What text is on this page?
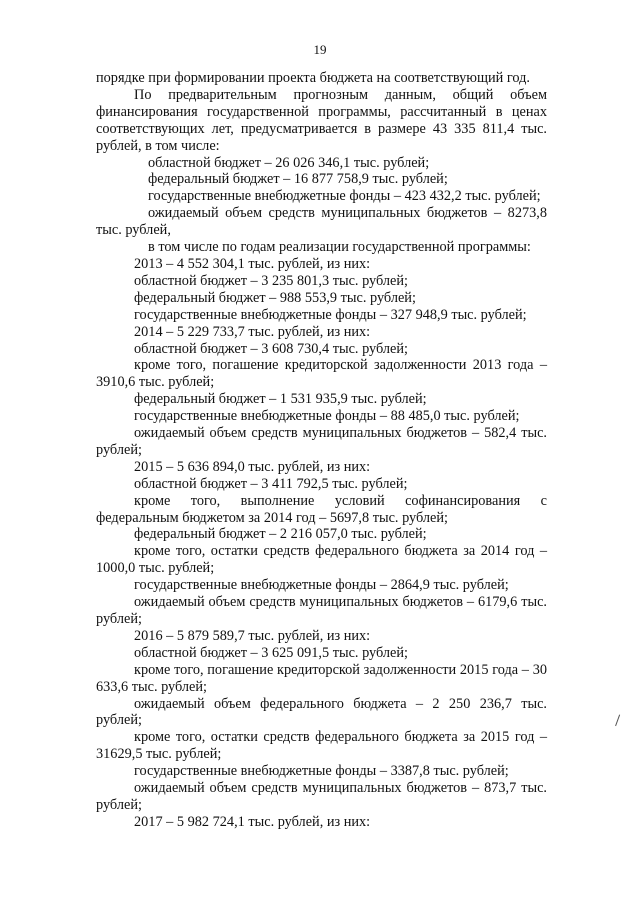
19

порядке при формировании проекта бюджета на соответствующий год.

По предварительным прогнозным данным, общий объем финансирования государственной программы, рассчитанный в ценах соответствующих лет, предусматривается в размере 43 335 811,4 тыс. рублей, в том числе:

областной бюджет – 26 026 346,1 тыс. рублей;

федеральный бюджет – 16 877 758,9 тыс. рублей;

государственные внебюджетные фонды – 423 432,2 тыс. рублей;

ожидаемый объем средств муниципальных бюджетов – 8273,8 тыс. рублей,

в том числе по годам реализации государственной программы:

2013 – 4 552 304,1 тыс. рублей, из них:

областной бюджет – 3 235 801,3 тыс. рублей;

федеральный бюджет – 988 553,9 тыс. рублей;

государственные внебюджетные фонды – 327 948,9 тыс. рублей;

2014 – 5 229 733,7 тыс. рублей, из них:

областной бюджет – 3 608 730,4 тыс. рублей;

кроме того, погашение кредиторской задолженности 2013 года – 3910,6 тыс. рублей;

федеральный бюджет – 1 531 935,9 тыс. рублей;

государственные внебюджетные фонды – 88 485,0 тыс. рублей;

ожидаемый объем средств муниципальных бюджетов – 582,4 тыс. рублей;

2015 – 5 636 894,0 тыс. рублей, из них:

областной бюджет – 3 411 792,5 тыс. рублей;

кроме того, выполнение условий софинансирования с федеральным бюджетом за 2014 год – 5697,8 тыс. рублей;

федеральный бюджет – 2 216 057,0 тыс. рублей;

кроме того, остатки средств федерального бюджета за 2014 год – 1000,0 тыс. рублей;

государственные внебюджетные фонды – 2864,9 тыс. рублей;

ожидаемый объем средств муниципальных бюджетов – 6179,6 тыс. рублей;

2016 – 5 879 589,7 тыс. рублей, из них:

областной бюджет – 3 625 091,5 тыс. рублей;

кроме того, погашение кредиторской задолженности 2015 года – 30 633,6 тыс. рублей;

ожидаемый объем федерального бюджета – 2 250 236,7 тыс. рублей;

кроме того, остатки средств федерального бюджета за 2015 год – 31629,5 тыс. рублей;

государственные внебюджетные фонды – 3387,8 тыс. рублей;

ожидаемый объем средств муниципальных бюджетов – 873,7 тыс. рублей;

2017 – 5 982 724,1 тыс. рублей, из них:
